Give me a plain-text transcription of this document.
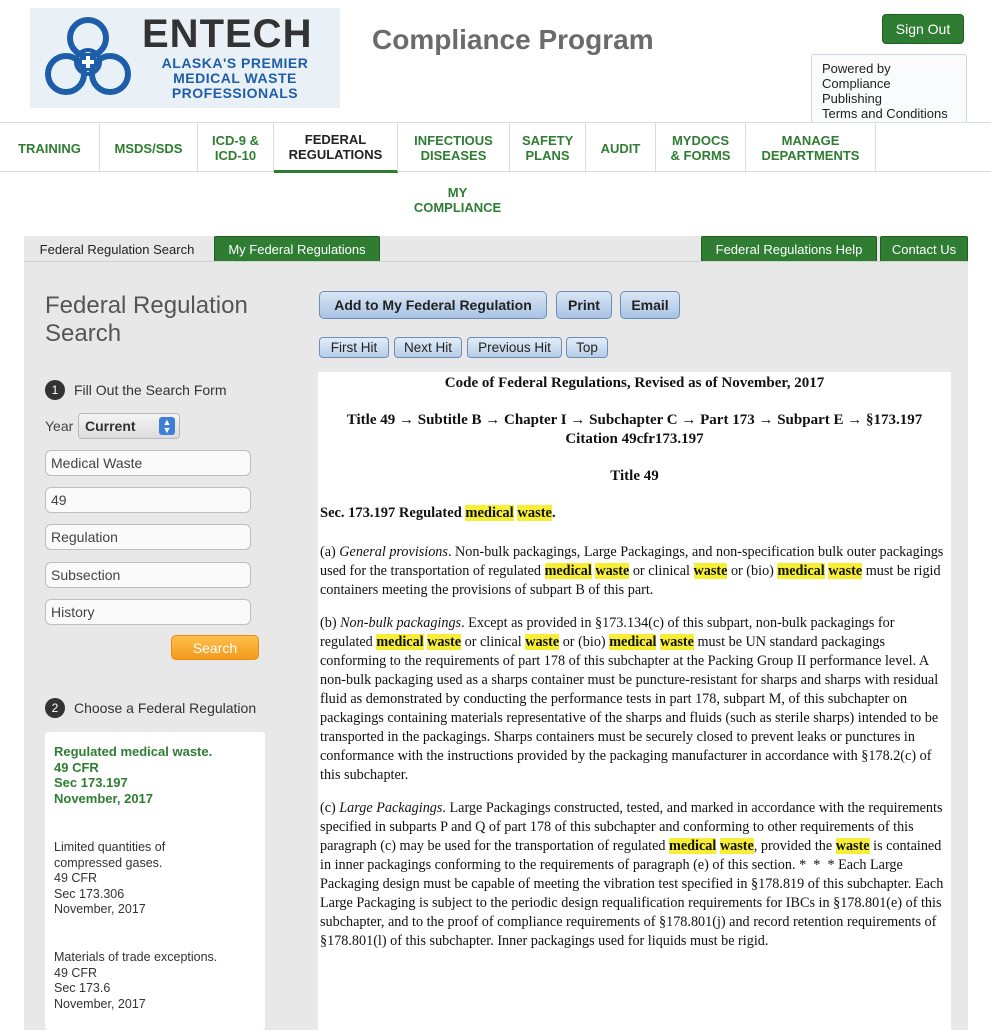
ENTECH
ALASKA'S PREMIER
MEDICAL WASTE
PROFESSIONALS
Compliance Program	Sign Out
Powered by
Compliance
Publishing
Terms and Conditions
TRAINING	MSDS/SDS	ICD-9 & ICD-10
FEDERAL REGULATIONS
INFECTIOUS DISEASES
SAFETY PLANS	AUDIT	MYDOCS & FORMS
MANAGE DEPARTMENTS
MY COMPLIANCE
Federal Regulation Search	My Federal Regulations	Federal Regulations Help	Contact Us
Federal Regulation Search
1	Fill Out the Search Form
Year Current	▲
▼
Medical Waste
49
Regulation
Subsection
History
Search
2	Choose a Federal Regulation
Regulated medical waste.
49 CFR
Sec 173.197
November, 2017
Limited quantities of
compressed gases.
49 CFR
Sec 173.306
November, 2017
Materials of trade exceptions.
49 CFR
Sec 173.6
November, 2017
Add to My Federal Regulation	Print	Email
First Hit	Next Hit	Previous Hit	Top
Code of Federal Regulations, Revised as of November, 2017
Title 49 → Subtitle B → Chapter I → Subchapter C → Part 173 → Subpart E → §173.197
Citation 49cfr173.197
Title 49

Sec. 173.197 Regulated medical waste.

(a) General provisions. Non-bulk packagings, Large Packagings, and non-specification bulk outer packagings used for the transportation of regulated medical waste or clinical waste or (bio) medical waste must be rigid containers meeting the provisions of subpart B of this part.

(b) Non-bulk packagings. Except as provided in §173.134(c) of this subpart, non-bulk packagings for regulated medical waste or clinical waste or (bio) medical waste must be UN standard packagings conforming to the requirements of part 178 of this subchapter at the Packing Group II performance level. A non-bulk packaging used as a sharps container must be puncture-resistant for sharps and sharps with residual fluid as demonstrated by conducting the performance tests in part 178, subpart M, of this subchapter on packagings containing materials representative of the sharps and fluids (such as sterile sharps) intended to be transported in the packagings. Sharps containers must be securely closed to prevent leaks or punctures in conformance with the instructions provided by the packaging manufacturer in accordance with §178.2(c) of this subchapter.

(c) Large Packagings. Large Packagings constructed, tested, and marked in accordance with the requirements specified in subparts P and Q of part 178 of this subchapter and conforming to other requirements of this paragraph (c) may be used for the transportation of regulated medical waste, provided the waste is contained in inner packagings conforming to the requirements of paragraph (e) of this section. *  *  * Each Large Packaging design must be capable of meeting the vibration test specified in §178.819 of this subchapter. Each Large Packaging is subject to the periodic design requalification requirements for IBCs in §178.801(e) of this subchapter, and to the proof of compliance requirements of §178.801(j) and record retention requirements of §178.801(l) of this subchapter. Inner packagings used for liquids must be rigid.
